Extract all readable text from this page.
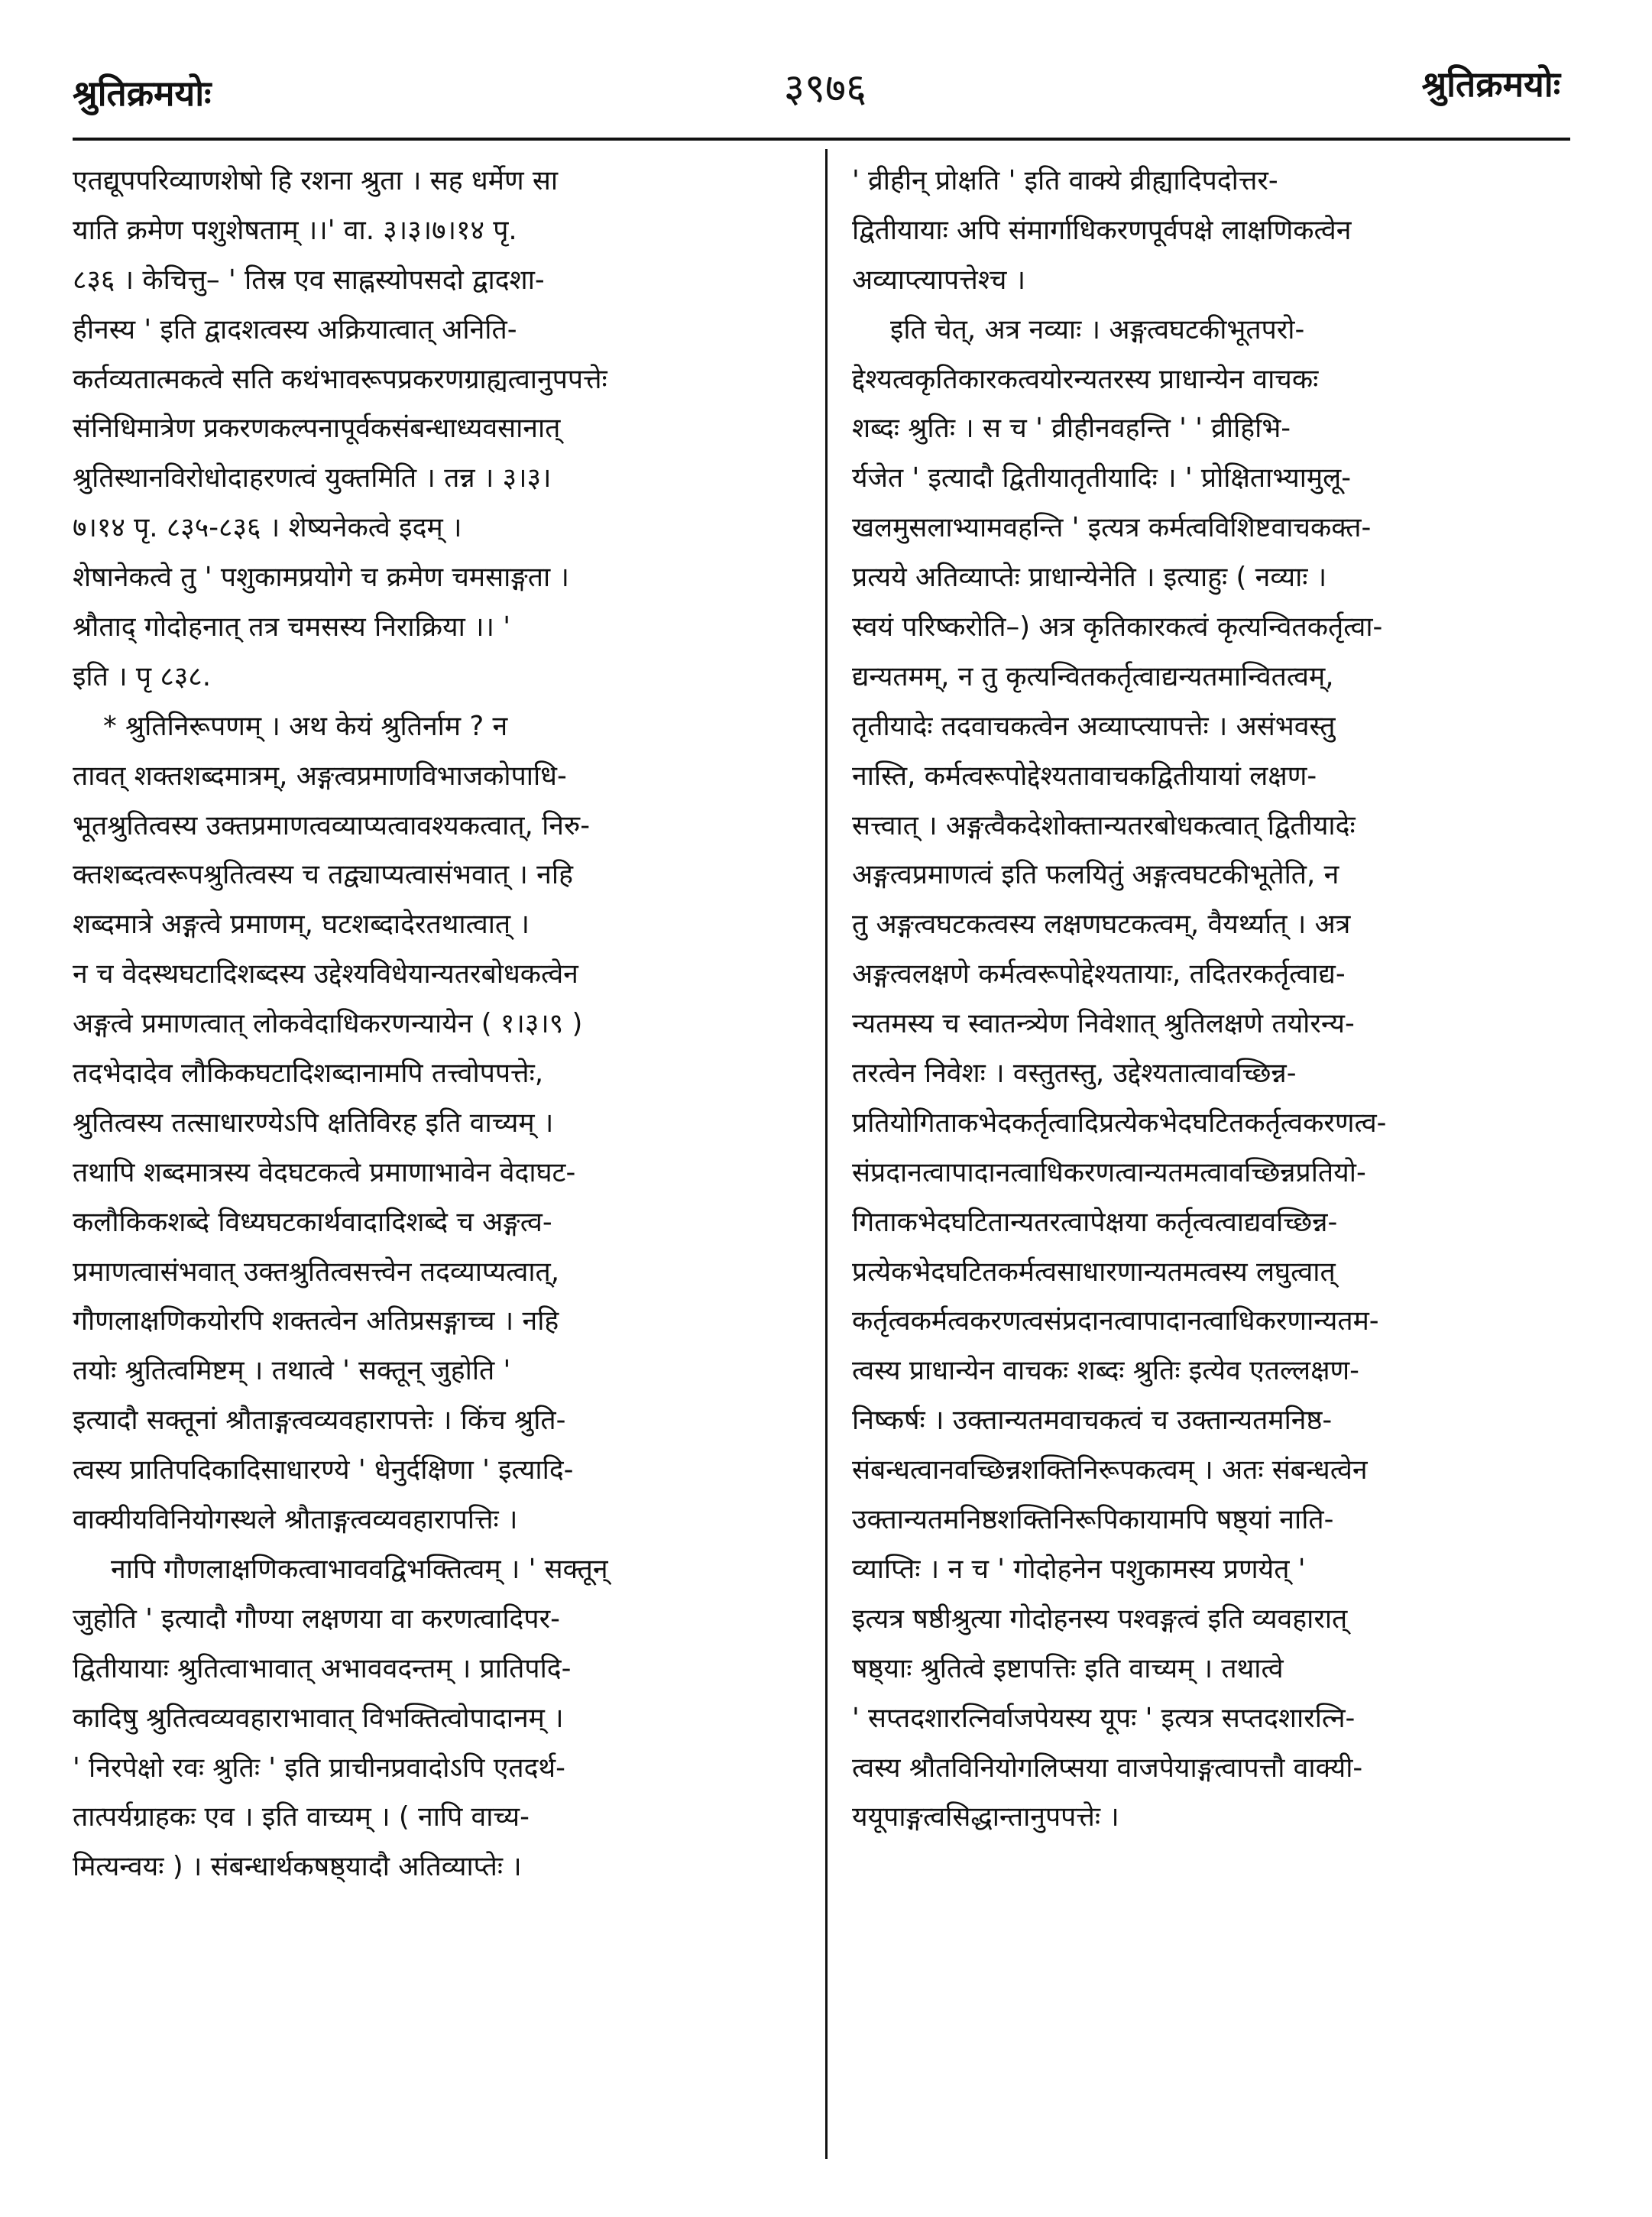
श्रुतिक्रमयोः	३९७६	श्रुतिक्रमयोः
एतद्यूपपरिव्याणशेषो हि रशना श्रुता । सह धर्मेण सा
याति क्रमेण पशुशेषताम् ।।' वा. ३।३।७।१४ पृ.
८३६ । केचित्तु– ' तिस्र एव साह्नस्योपसदो द्वादशा-
हीनस्य ' इति द्वादशत्वस्य अक्रियात्वात् अनिति-
कर्तव्यतात्मकत्वे सति कथंभावरूपप्रकरणग्राह्यत्वानुपपत्तेः
संनिधिमात्रेण प्रकरणकल्पनापूर्वकसंबन्धाध्यवसानात्
श्रुतिस्थानविरोधोदाहरणत्वं युक्तमिति । तन्न । ३।३।
७।१४ पृ. ८३५-८३६ । शेष्यनेकत्वे इदम् ।
शेषानेकत्वे तु ' पशुकामप्रयोगे च क्रमेण चमसाङ्गता ।
श्रौताद् गोदोहनात् तत्र चमसस्य निराक्रिया ।। '
इति । पृ ८३८.
* श्रुतिनिरूपणम् । अथ केयं श्रुतिर्नाम ? न
तावत् शक्तशब्दमात्रम्, अङ्गत्वप्रमाणविभाजकोपाधि-
भूतश्रुतित्वस्य उक्तप्रमाणत्वव्याप्यत्वावश्यकत्वात्, निरु-
क्तशब्दत्वरूपश्रुतित्वस्य च तद्व्याप्यत्वासंभवात् । नहि
शब्दमात्रे अङ्गत्वे प्रमाणम्, घटशब्दादेरतथात्वात् ।
न च वेदस्थघटादिशब्दस्य उद्देश्यविधेयान्यतरबोधकत्वेन
अङ्गत्वे प्रमाणत्वात् लोकवेदाधिकरणन्यायेन ( १।३।९ )
तदभेदादेव लौकिकघटादिशब्दानामपि तत्त्वोपपत्तेः,
श्रुतित्वस्य तत्साधारण्येऽपि क्षतिविरह इति वाच्यम् ।
तथापि शब्दमात्रस्य वेदघटकत्वे प्रमाणाभावेन वेदाघट-
कलौकिकशब्दे विध्यघटकार्थवादादिशब्दे च अङ्गत्व-
प्रमाणत्वासंभवात् उक्तश्रुतित्वसत्त्वेन तदव्याप्यत्वात्,
गौणलाक्षणिकयोरपि शक्तत्वेन अतिप्रसङ्गाच्च । नहि
तयोः श्रुतित्वमिष्टम् । तथात्वे ' सक्तून् जुहोति '
इत्यादौ सक्तूनां श्रौताङ्गत्वव्यवहारापत्तेः । किंच श्रुति-
त्वस्य प्रातिपदिकादिसाधारण्ये ' धेनुर्दक्षिणा ' इत्यादि-
वाक्यीयविनियोगस्थले श्रौताङ्गत्वव्यवहारापत्तिः ।
नापि गौणलाक्षणिकत्वाभाववद्विभक्तित्वम् । ' सक्तून्
जुहोति ' इत्यादौ गौण्या लक्षणया वा करणत्वादिपर-
द्वितीयायाः श्रुतित्वाभावात् अभाववदन्तम् । प्रातिपदि-
कादिषु श्रुतित्वव्यवहाराभावात् विभक्तित्वोपादानम् ।
' निरपेक्षो रवः श्रुतिः ' इति प्राचीनप्रवादोऽपि एतदर्थ-
तात्पर्यग्राहकः एव । इति वाच्यम् । ( नापि वाच्य-
मित्यन्वयः ) । संबन्धार्थकषष्ठ्यादौ अतिव्याप्तेः ।
' व्रीहीन् प्रोक्षति ' इति वाक्ये व्रीह्यादिपदोत्तर-
द्वितीयायाः अपि संमार्गाधिकरणपूर्वपक्षे लाक्षणिकत्वेन
अव्याप्त्यापत्तेश्च ।
इति चेत्, अत्र नव्याः । अङ्गत्वघटकीभूतपरो-
द्देश्यत्वकृतिकारकत्वयोरन्यतरस्य प्राधान्येन वाचकः
शब्दः श्रुतिः । स च ' व्रीहीनवहन्ति ' ' व्रीहिभि-
र्यजेत ' इत्यादौ द्वितीयातृतीयादिः । ' प्रोक्षिताभ्यामुलू-
खलमुसलाभ्यामवहन्ति ' इत्यत्र कर्मत्वविशिष्टवाचकक्त-
प्रत्यये अतिव्याप्तेः प्राधान्येनेति । इत्याहुः ( नव्याः ।
स्वयं परिष्करोति–) अत्र कृतिकारकत्वं कृत्यन्वितकर्तृत्वा-
द्यन्यतमम्, न तु कृत्यन्वितकर्तृत्वाद्यन्यतमान्वितत्वम्,
तृतीयादेः तदवाचकत्वेन अव्याप्त्यापत्तेः । असंभवस्तु
नास्ति, कर्मत्वरूपोद्देश्यतावाचकद्वितीयायां लक्षण-
सत्त्वात् । अङ्गत्वैकदेशोक्तान्यतरबोधकत्वात् द्वितीयादेः
अङ्गत्वप्रमाणत्वं इति फलयितुं अङ्गत्वघटकीभूतेति, न
तु अङ्गत्वघटकत्वस्य लक्षणघटकत्वम्, वैयर्थ्यात् । अत्र
अङ्गत्वलक्षणे कर्मत्वरूपोद्देश्यतायाः, तदितरकर्तृत्वाद्य-
न्यतमस्य च स्वातन्त्र्येण निवेशात् श्रुतिलक्षणे तयोरन्य-
तरत्वेन निवेशः । वस्तुतस्तु, उद्देश्यतात्वावच्छिन्न-
प्रतियोगिताकभेदकर्तृत्वादिप्रत्येकभेदघटितकर्तृत्वकरणत्व-
संप्रदानत्वापादानत्वाधिकरणत्वान्यतमत्वावच्छिन्नप्रतियो-
गिताकभेदघटितान्यतरत्वापेक्षया कर्तृत्वत्वाद्यवच्छिन्न-
प्रत्येकभेदघटितकर्मत्वसाधारणान्यतमत्वस्य लघुत्वात्
कर्तृत्वकर्मत्वकरणत्वसंप्रदानत्वापादानत्वाधिकरणान्यतम-
त्वस्य प्राधान्येन वाचकः शब्दः श्रुतिः इत्येव एतल्लक्षण-
निष्कर्षः । उक्तान्यतमवाचकत्वं च उक्तान्यतमनिष्ठ-
संबन्धत्वानवच्छिन्नशक्तिनिरूपकत्वम् । अतः संबन्धत्वेन
उक्तान्यतमनिष्ठशक्तिनिरूपिकायामपि षष्ठ्यां नाति-
व्याप्तिः । न च ' गोदोहनेन पशुकामस्य प्रणयेत् '
इत्यत्र षष्ठीश्रुत्या गोदोहनस्य पश्वङ्गत्वं इति व्यवहारात्
षष्ठ्याः श्रुतित्वे इष्टापत्तिः इति वाच्यम् । तथात्वे
' सप्तदशारत्निर्वाजपेयस्य यूपः ' इत्यत्र सप्तदशारत्नि-
त्वस्य श्रौतविनियोगलिप्सया वाजपेयाङ्गत्वापत्तौ वाक्यी-
ययूपाङ्गत्वसिद्धान्तानुपपत्तेः ।
